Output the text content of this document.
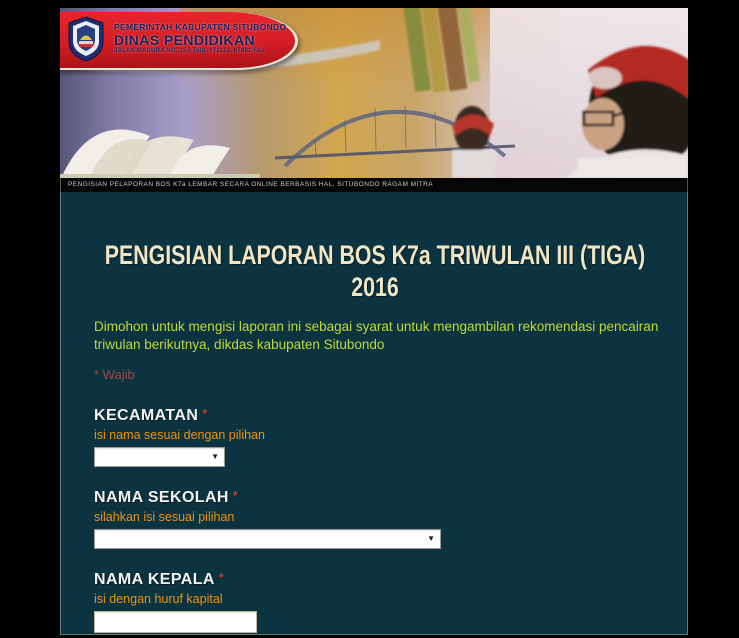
PEMERINTAH KABUPATEN SITUBONDO
DINAS PENDIDIKAN
JALAN MADURA NO. 15A Telp. 671123, 67891 Fax
PENGISIAN PELAPORAN BOS K7a LEMBAR SECARA ONLINE BERBASIS HAL. SITUBONDO RAGAM MITRA
PENGISIAN LAPORAN BOS K7a TRIWULAN III (TIGA) 2016

Dimohon untuk mengisi laporan ini sebagai syarat untuk mengambilan rekomendasi pencairan triwulan berikutnya, dikdas kabupaten Situbondo

* Wajib
KECAMATAN *
isi nama sesuai dengan pilihan
▼
NAMA SEKOLAH *
silahkan isi sesuai pilihan
▼
NAMA KEPALA *
isi dengan huruf kapital
